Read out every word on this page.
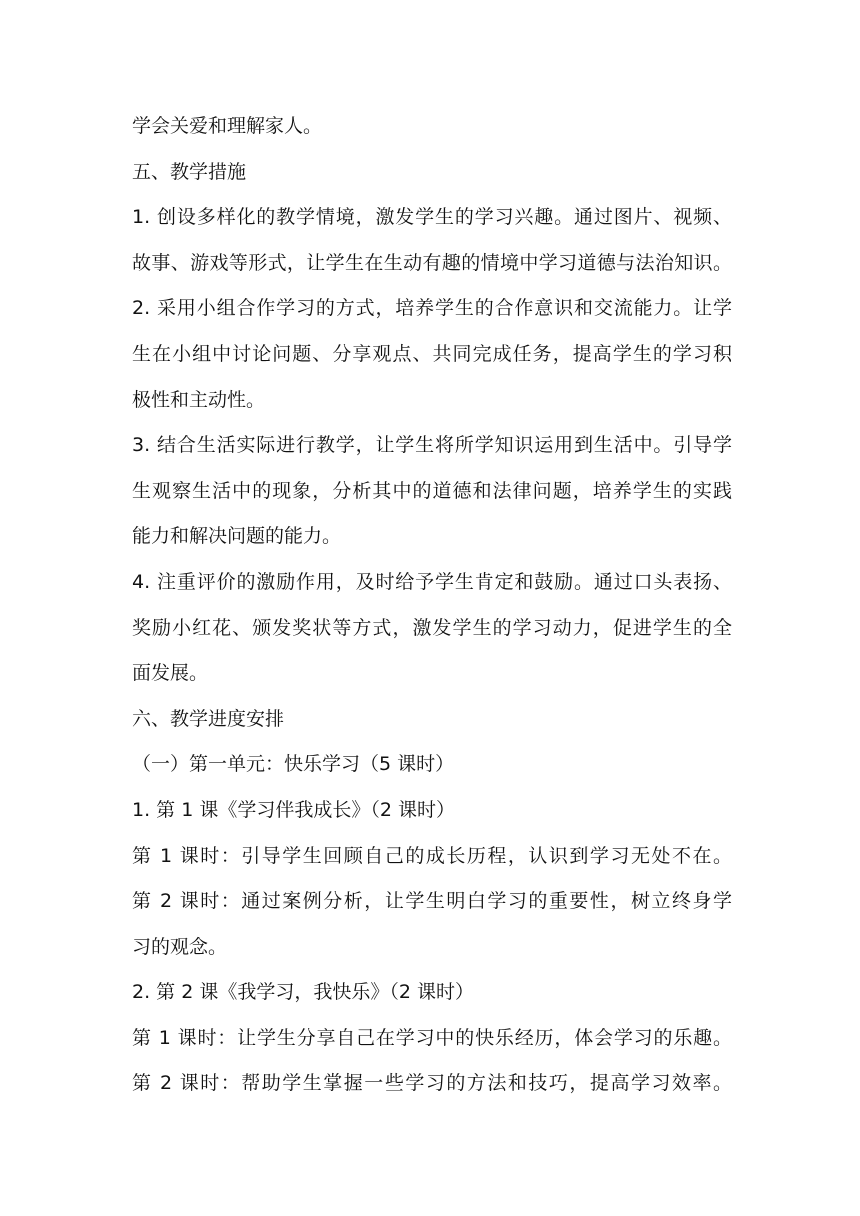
学会关爱和理解家人。

五、教学措施

1. 创设多样化的教学情境，激发学生的学习兴趣。通过图片、视频、

故事、游戏等形式，让学生在生动有趣的情境中学习道德与法治知识。

2. 采用小组合作学习的方式，培养学生的合作意识和交流能力。让学

生在小组中讨论问题、分享观点、共同完成任务，提高学生的学习积

极性和主动性。

3. 结合生活实际进行教学，让学生将所学知识运用到生活中。引导学

生观察生活中的现象，分析其中的道德和法律问题，培养学生的实践

能力和解决问题的能力。

4. 注重评价的激励作用，及时给予学生肯定和鼓励。通过口头表扬、

奖励小红花、颁发奖状等方式，激发学生的学习动力，促进学生的全

面发展。

六、教学进度安排

（一）第一单元：快乐学习（5 课时）

1. 第 1 课《学习伴我成长》（2 课时）

第 1 课时：引导学生回顾自己的成长历程，认识到学习无处不在。

第 2 课时：通过案例分析，让学生明白学习的重要性，树立终身学

习的观念。

2. 第 2 课《我学习，我快乐》（2 课时）

第 1 课时：让学生分享自己在学习中的快乐经历，体会学习的乐趣。

第 2 课时：帮助学生掌握一些学习的方法和技巧，提高学习效率。
